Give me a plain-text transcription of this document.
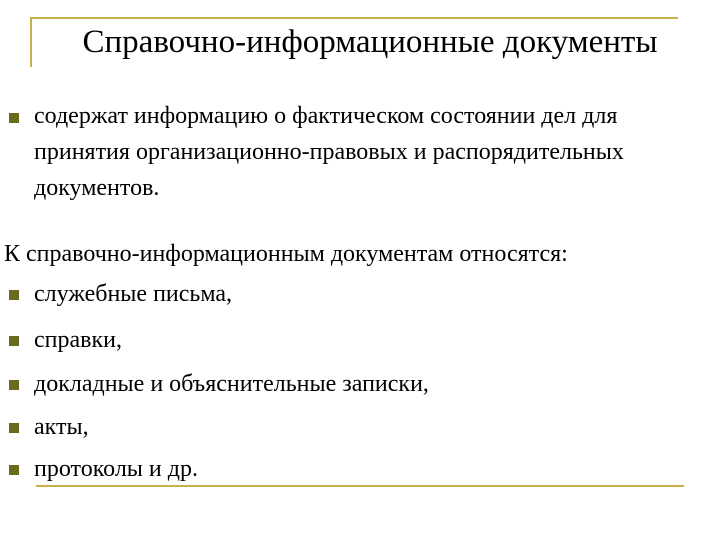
Справочно-информационные документы
содержат информацию о фактическом состоянии дел для принятия организационно-правовых и распорядительных документов.
К справочно-информационным документам относятся:
служебные письма,
справки,
докладные и объяснительные записки,
акты,
протоколы и др.
